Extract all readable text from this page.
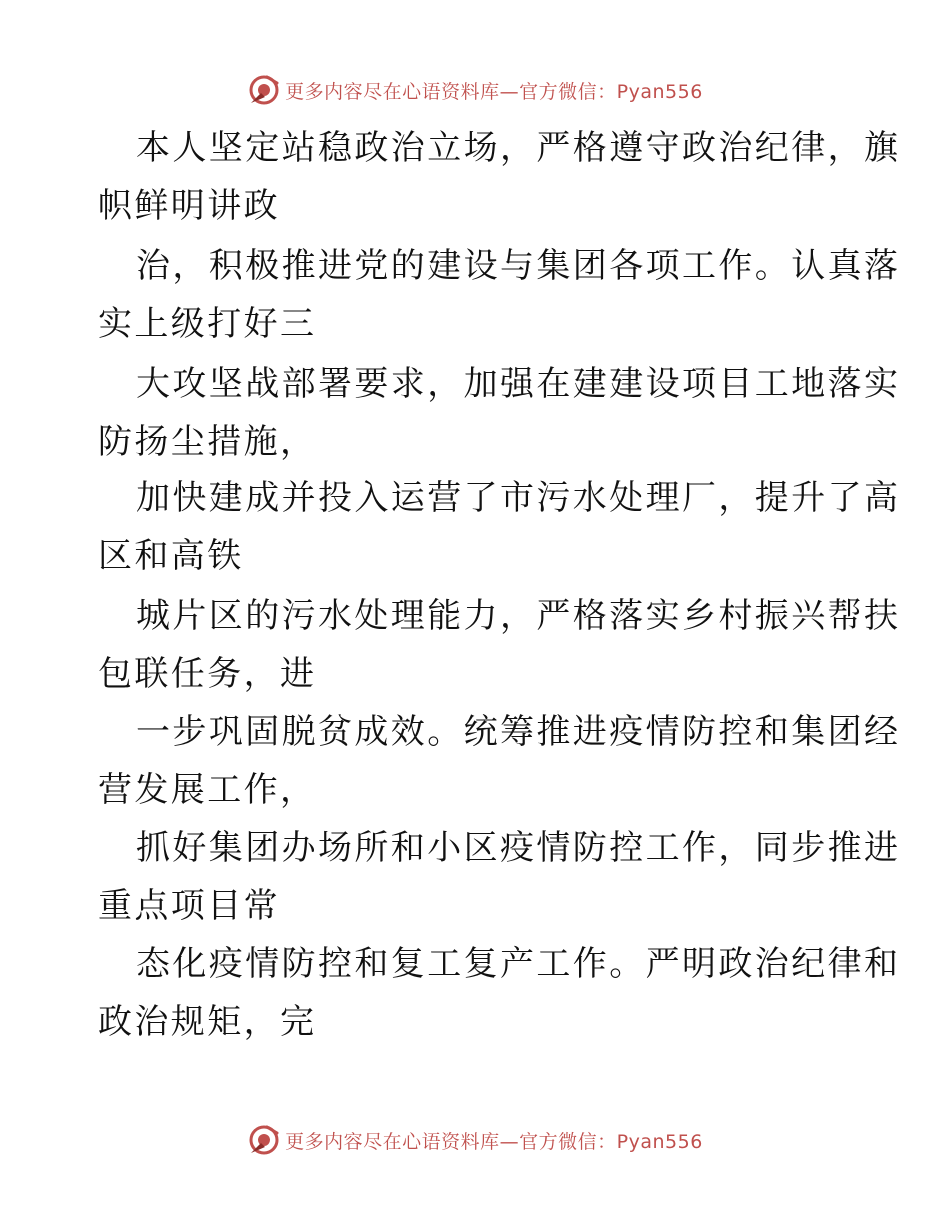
更多内容尽在心语资料库—官方微信：Pyan556
本人坚定站稳政治立场，严格遵守政治纪律，旗
帜鲜明讲政
治，积极推进党的建设与集团各项工作。认真落
实上级打好三
大攻坚战部署要求，加强在建建设项目工地落实
防扬尘措施，
加快建成并投入运营了市污水处理厂，提升了高
区和高铁
城片区的污水处理能力，严格落实乡村振兴帮扶
包联任务，进
一步巩固脱贫成效。统筹推进疫情防控和集团经
营发展工作，
抓好集团办场所和小区疫情防控工作，同步推进
重点项目常
态化疫情防控和复工复产工作。严明政治纪律和
政治规矩，完
更多内容尽在心语资料库—官方微信：Pyan556
